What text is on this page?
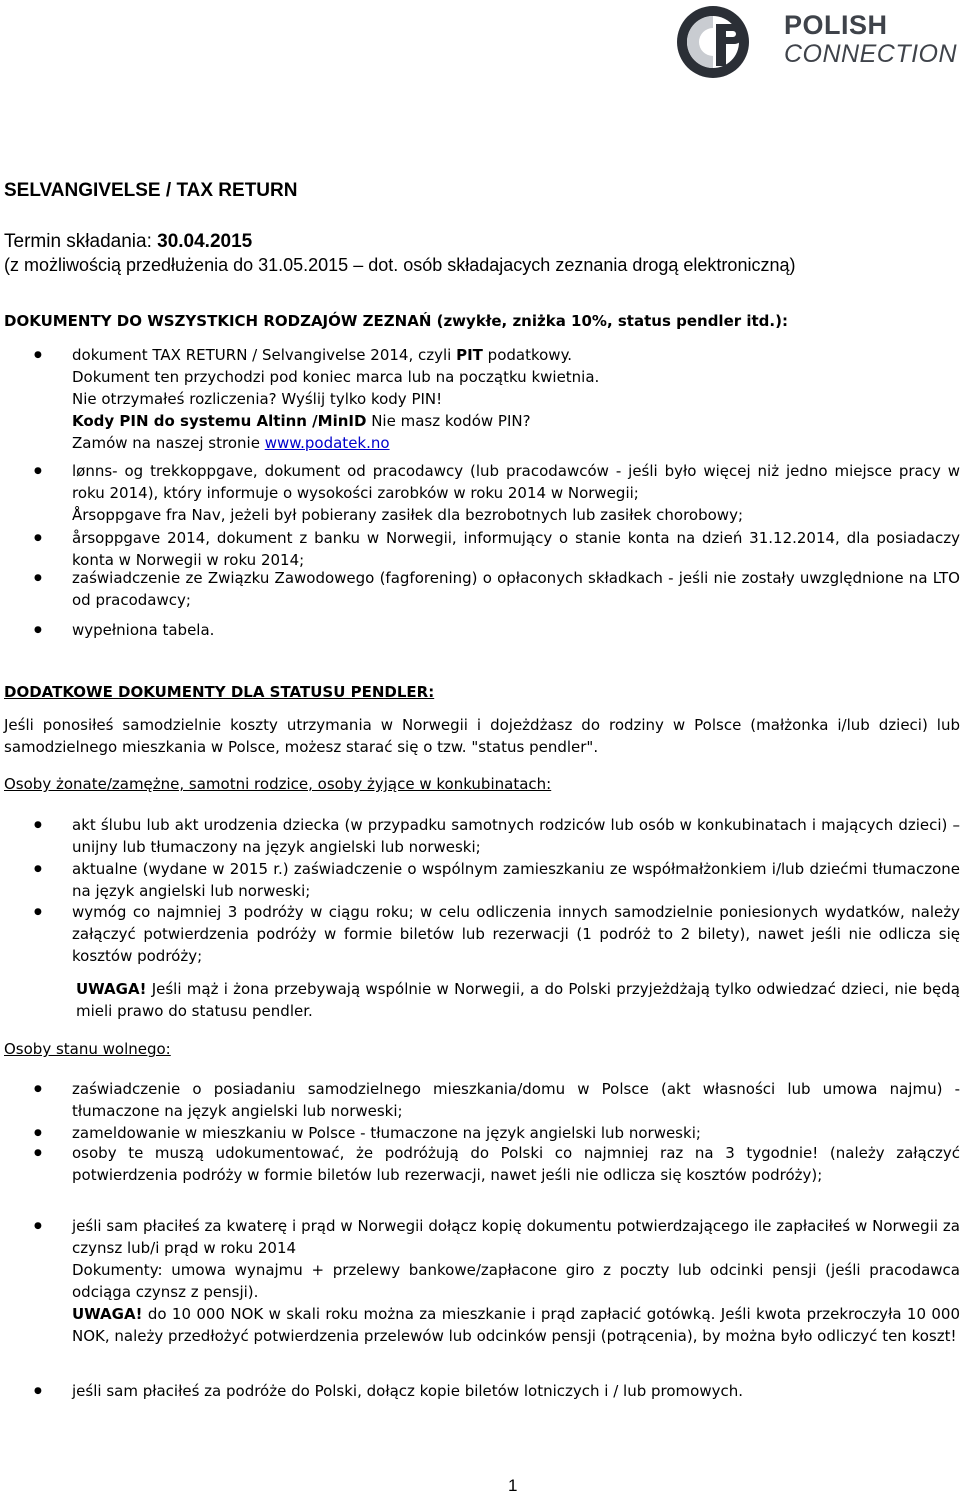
POLISH
CONNECTION
SELVANGIVELSE / TAX RETURN
Termin składania: 30.04.2015
(z możliwością przedłużenia do 31.05.2015 – dot. osób składajacych zeznania drogą elektroniczną)
DOKUMENTY DO WSZYSTKICH RODZAJÓW ZEZNAŃ (zwykłe, zniżka 10%, status pendler itd.):
● dokument TAX RETURN / Selvangivelse 2014, czyli PIT podatkowy.
Dokument ten przychodzi pod koniec marca lub na początku kwietnia.
Nie otrzymałeś rozliczenia? Wyślij tylko kody PIN!
Kody PIN do systemu Altinn /MinID Nie masz kodów PIN?
Zamów na naszej stronie www.podatek.no
● lønns- og trekkoppgave, dokument od pracodawcy (lub pracodawców - jeśli było więcej niż jedno miejsce pracy w roku 2014), który informuje o wysokości zarobków w roku 2014 w Norwegii;
Årsoppgave fra Nav, jeżeli był pobierany zasiłek dla bezrobotnych lub zasiłek chorobowy;
● årsoppgave 2014, dokument z banku w Norwegii, informujący o stanie konta na dzień 31.12.2014, dla posiadaczy konta w Norwegii w roku 2014;
● zaświadczenie ze Związku Zawodowego (fagforening) o opłaconych składkach - jeśli nie zostały uwzględnione na LTO od pracodawcy;
● wypełniona tabela.
DODATKOWE DOKUMENTY DLA STATUSU PENDLER:
Jeśli ponosiłeś samodzielnie koszty utrzymania w Norwegii i dojeżdżasz do rodziny w Polsce (małżonka i/lub dzieci) lub samodzielnego mieszkania w Polsce, możesz starać się o tzw. "status pendler".
Osoby żonate/zamężne, samotni rodzice, osoby żyjące w konkubinatach:
● akt ślubu lub akt urodzenia dziecka (w przypadku samotnych rodziców lub osób w konkubinatach i mających dzieci) – unijny lub tłumaczony na język angielski lub norweski;
● aktualne (wydane w 2015 r.) zaświadczenie o wspólnym zamieszkaniu ze współmałżonkiem i/lub dziećmi tłumaczone na język angielski lub norweski;
● wymóg co najmniej 3 podróży w ciągu roku; w celu odliczenia innych samodzielnie poniesionych wydatków, należy załączyć potwierdzenia podróży w formie biletów lub rezerwacji (1 podróż to 2 bilety), nawet jeśli nie odlicza się kosztów podróży;
UWAGA! Jeśli mąż i żona przebywają wspólnie w Norwegii, a do Polski przyjeżdżają tylko odwiedzać dzieci, nie będą mieli prawo do statusu pendler.
Osoby stanu wolnego:
● zaświadczenie o posiadaniu samodzielnego mieszkania/domu w Polsce (akt własności lub umowa najmu) - tłumaczone na język angielski lub norweski;
● zameldowanie w mieszkaniu w Polsce - tłumaczone na język angielski lub norweski;
● osoby te muszą udokumentować, że podróżują do Polski co najmniej raz na 3 tygodnie! (należy załączyć potwierdzenia podróży w formie biletów lub rezerwacji, nawet jeśli nie odlicza się kosztów podróży);
● jeśli sam płaciłeś za kwaterę i prąd w Norwegii dołącz kopię dokumentu potwierdzającego ile zapłaciłeś w Norwegii za czynsz lub/i prąd w roku 2014
Dokumenty: umowa wynajmu + przelewy bankowe/zapłacone giro z poczty lub odcinki pensji (jeśli pracodawca odciąga czynsz z pensji).
UWAGA! do 10 000 NOK w skali roku można za mieszkanie i prąd zapłacić gotówką. Jeśli kwota przekroczyła 10 000 NOK, należy przedłożyć potwierdzenia przelewów lub odcinków pensji (potrącenia), by można było odliczyć ten koszt!
● jeśli sam płaciłeś za podróże do Polski, dołącz kopie biletów lotniczych i / lub promowych.
1
